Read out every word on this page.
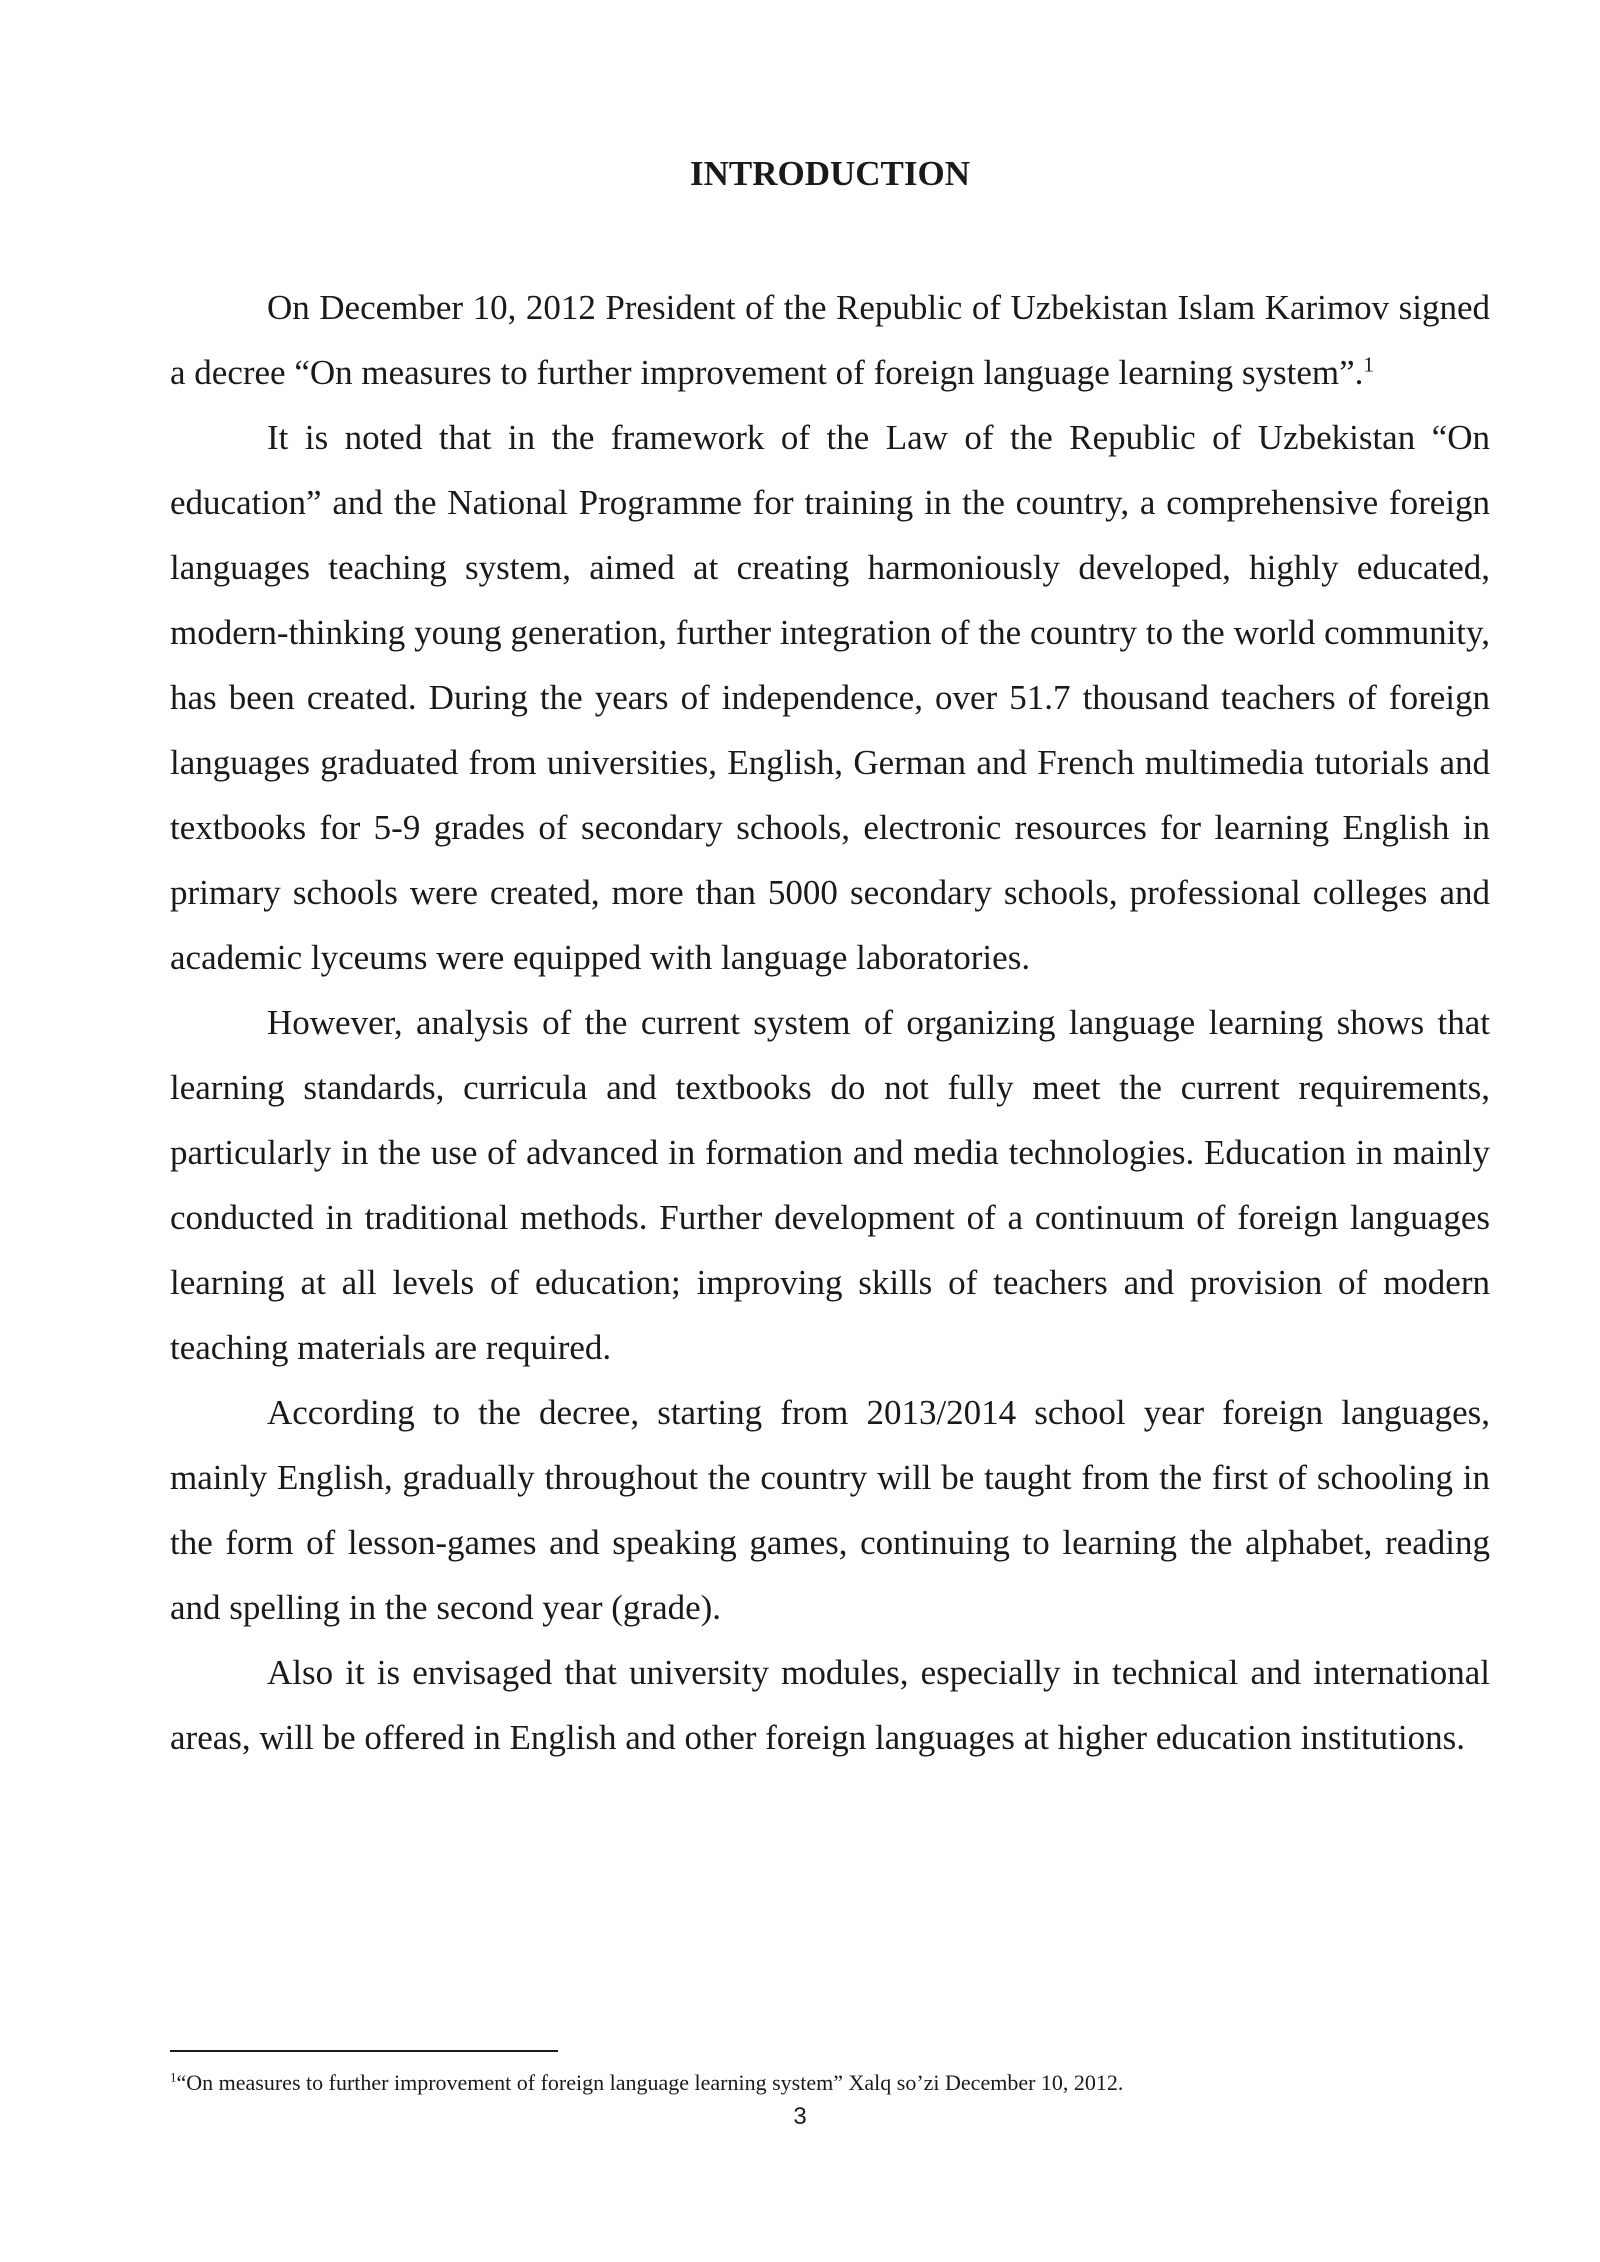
INTRODUCTION

On December 10, 2012 President of the Republic of Uzbekistan Islam Karimov signed a decree “On measures to further improvement of foreign language learning system”.$^1$

It is noted that in the framework of the Law of the Republic of Uzbekistan “On education” and the National Programme for training in the country, a comprehensive foreign languages teaching system, aimed at creating harmoniously developed, highly educated, modern-thinking young generation, further integration of the country to the world community, has been created. During the years of independence, over 51.7 thousand teachers of foreign languages graduated from universities, English, German and French multimedia tutorials and textbooks for 5-9 grades of secondary schools, electronic resources for learning English in primary schools were created, more than 5000 secondary schools, professional colleges and academic lyceums were equipped with language laboratories.

However, analysis of the current system of organizing language learning shows that learning standards, curricula and textbooks do not fully meet the current requirements, particularly in the use of advanced in formation and media technologies. Education in mainly conducted in traditional methods. Further development of a continuum of foreign languages learning at all levels of education; improving skills of teachers and provision of modern teaching materials are required.

According to the decree, starting from 2013/2014 school year foreign languages, mainly English, gradually throughout the country will be taught from the first of schooling in the form of lesson-games and speaking games, continuing to learning the alphabet, reading and spelling in the second year (grade).

Also it is envisaged that university modules, especially in technical and international areas, will be offered in English and other foreign languages at higher education institutions.

$^1$“On measures to further improvement of foreign language learning system” Xalq so’zi December 10, 2012.

3
